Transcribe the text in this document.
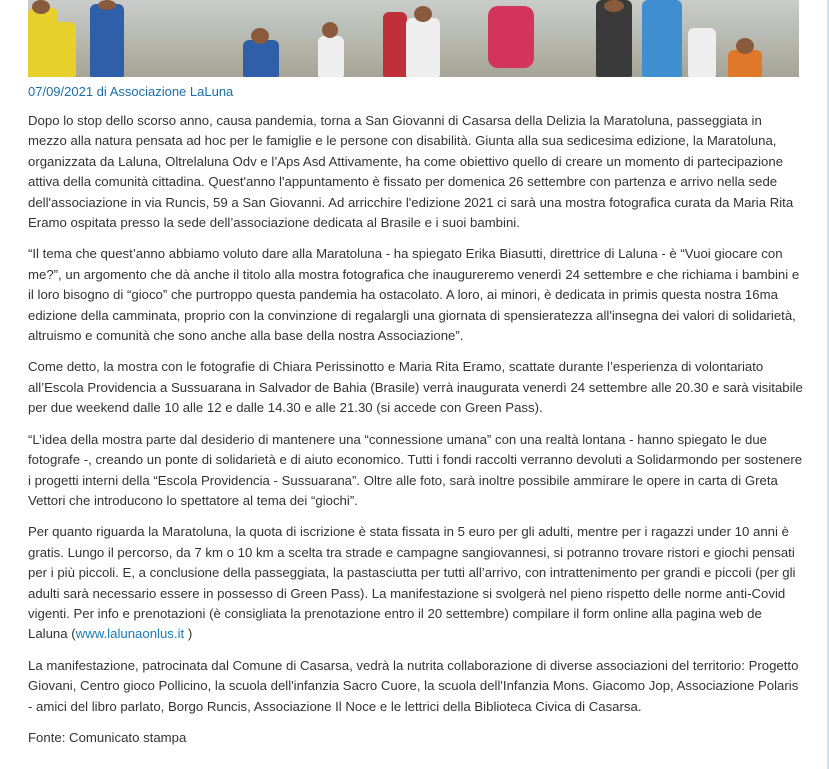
07/09/2021 di Associazione LaLuna

Dopo lo stop dello scorso anno, causa pandemia, torna a San Giovanni di Casarsa della Delizia la Maratoluna, passeggiata in mezzo alla natura pensata ad hoc per le famiglie e le persone con disabilità. Giunta alla sua sedicesima edizione, la Maratoluna, organizzata da Laluna, Oltrelaluna Odv e l’Aps Asd Attivamente, ha come obiettivo quello di creare un momento di partecipazione attiva della comunità cittadina. Quest'anno l'appuntamento è fissato per domenica 26 settembre con partenza e arrivo nella sede dell'associazione in via Runcis, 59 a San Giovanni. Ad arricchire l'edizione 2021 ci sarà una mostra fotografica curata da Maria Rita Eramo ospitata presso la sede dell’associazione dedicata al Brasile e i suoi bambini.

“Il tema che quest’anno abbiamo voluto dare alla Maratoluna - ha spiegato Erika Biasutti, direttrice di Laluna - è “Vuoi giocare con me?”, un argomento che dà anche il titolo alla mostra fotografica che inaugureremo venerdì 24 settembre e che richiama i bambini e il loro bisogno di “gioco” che purtroppo questa pandemia ha ostacolato. A loro, ai minori, è dedicata in primis questa nostra 16ma edizione della camminata, proprio con la convinzione di regalargli una giornata di spensieratezza all'insegna dei valori di solidarietà, altruismo e comunità che sono anche alla base della nostra Associazione”.

Come detto, la mostra con le fotografie di Chiara Perissinotto e Maria Rita Eramo, scattate durante l’esperienza di volontariato all’Escola Providencia a Sussuarana in Salvador de Bahia (Brasile) verrà inaugurata venerdì 24 settembre alle 20.30 e sarà visitabile per due weekend dalle 10 alle 12 e dalle 14.30 e alle 21.30 (si accede con Green Pass).

“L’idea della mostra parte dal desiderio di mantenere una “connessione umana” con una realtà lontana - hanno spiegato le due fotografe -, creando un ponte di solidarietà e di aiuto economico. Tutti i fondi raccolti verranno devoluti a Solidarmondo per sostenere i progetti interni della “Escola Providencia - Sussuarana”. Oltre alle foto, sarà inoltre possibile ammirare le opere in carta di Greta Vettori che introducono lo spettatore al tema dei “giochi”.

Per quanto riguarda la Maratoluna, la quota di iscrizione è stata fissata in 5 euro per gli adulti, mentre per i ragazzi under 10 anni è gratis. Lungo il percorso, da 7 km o 10 km a scelta tra strade e campagne sangiovannesi, si potranno trovare ristori e giochi pensati per i più piccoli. E, a conclusione della passeggiata, la pastasciutta per tutti all’arrivo, con intrattenimento per grandi e piccoli (per gli adulti sarà necessario essere in possesso di Green Pass). La manifestazione si svolgerà nel pieno rispetto delle norme anti-Covid vigenti. Per info e prenotazioni (è consigliata la prenotazione entro il 20 settembre) compilare il form online alla pagina web de Laluna (www.lalunaonlus.it )

La manifestazione, patrocinata dal Comune di Casarsa, vedrà la nutrita collaborazione di diverse associazioni del territorio: Progetto Giovani, Centro gioco Pollicino, la scuola dell'infanzia Sacro Cuore, la scuola dell'Infanzia Mons. Giacomo Jop, Associazione Polaris - amici del libro parlato, Borgo Runcis, Associazione Il Noce e le lettrici della Biblioteca Civica di Casarsa.

Fonte: Comunicato stampa
